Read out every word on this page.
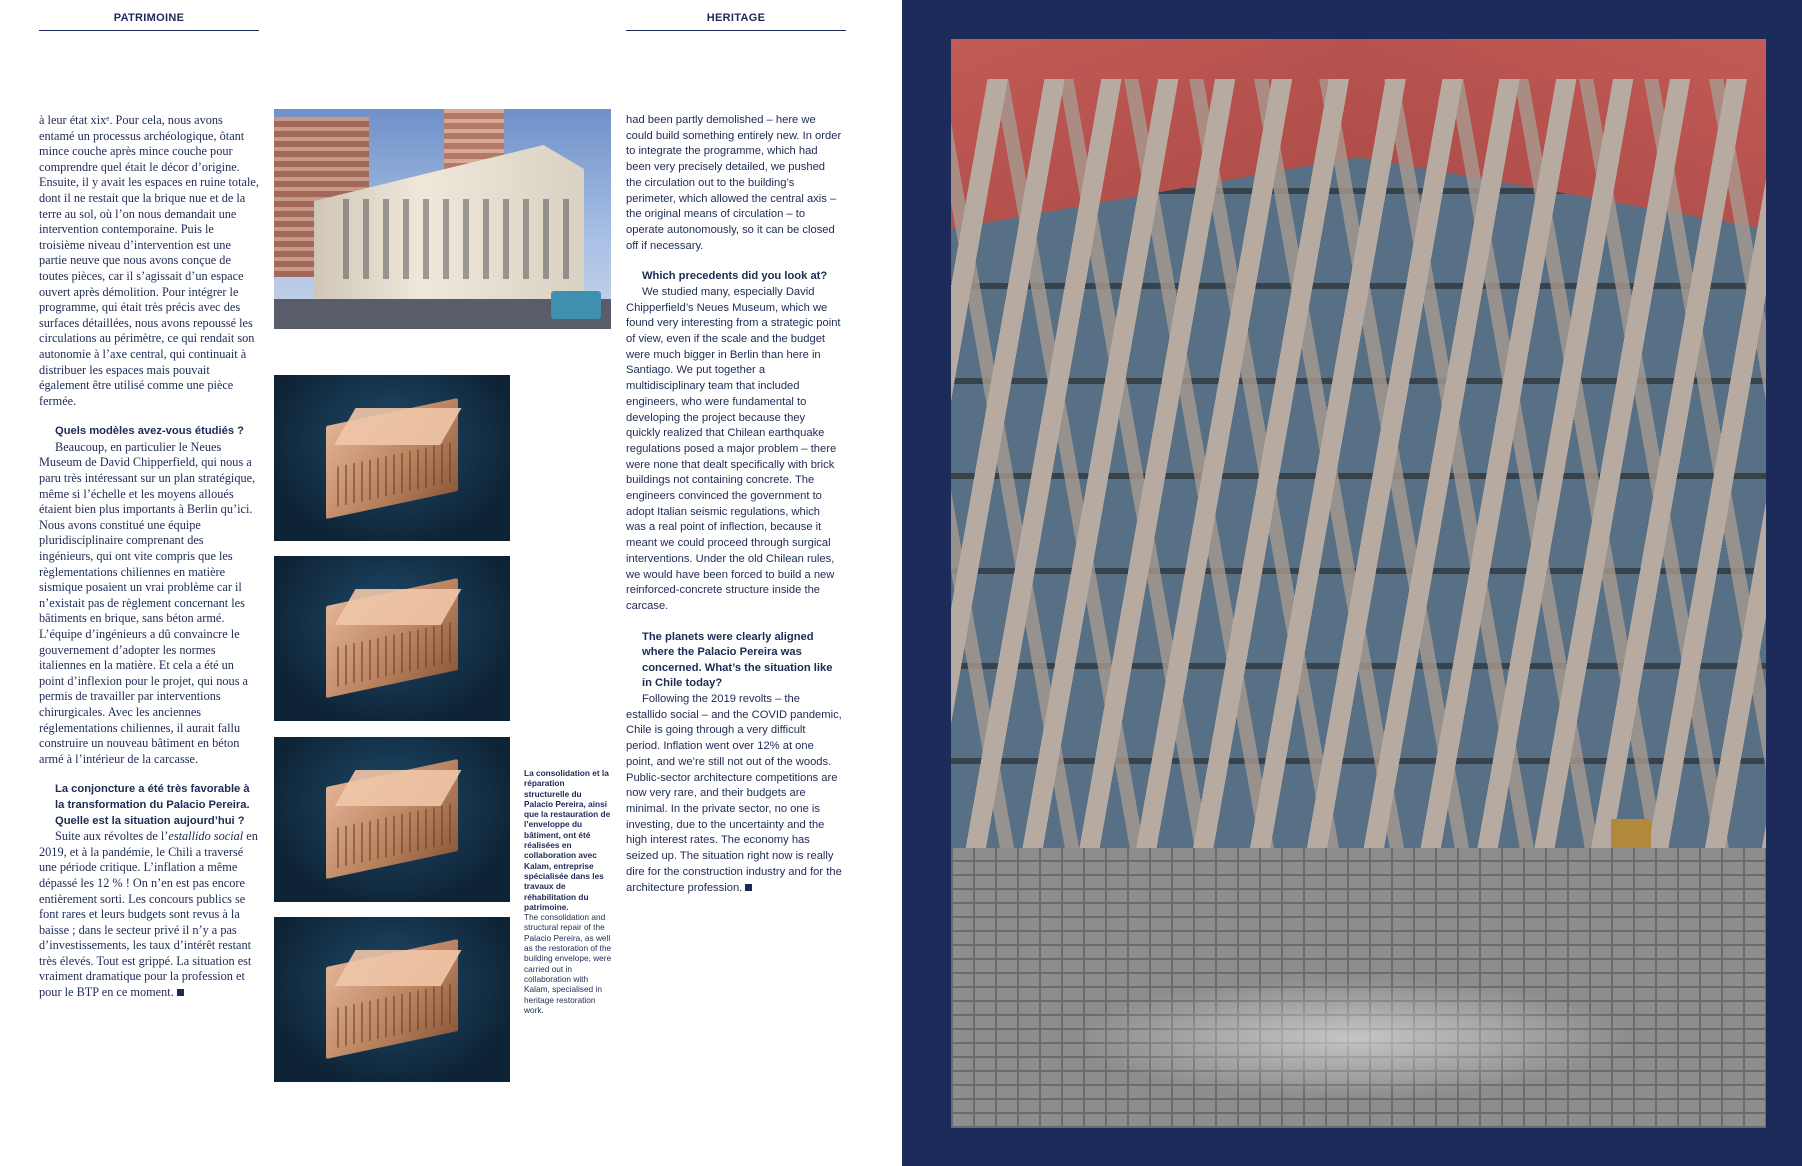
PATRIMOINE	HERITAGE

à leur état xixᵉ. Pour cela, nous avons entamé un processus archéologique, ôtant mince couche après mince couche pour comprendre quel était le décor d’origine. Ensuite, il y avait les espaces en ruine totale, dont il ne restait que la brique nue et de la terre au sol, où l’on nous demandait une intervention contemporaine. Puis le troisième niveau d’intervention est une partie neuve que nous avons conçue de toutes pièces, car il s’agissait d’un espace ouvert après démolition. Pour intégrer le programme, qui était très précis avec des surfaces détaillées, nous avons repoussé les circulations au périmètre, ce qui rendait son autonomie à l’axe central, qui continuait à distribuer les espaces mais pouvait également être utilisé comme une pièce fermée.

Quels modèles avez-vous étudiés ?

Beaucoup, en particulier le Neues Museum de David Chipperfield, qui nous a paru très intéressant sur un plan stratégique, même si l’échelle et les moyens alloués étaient bien plus importants à Berlin qu’ici. Nous avons constitué une équipe pluridisciplinaire comprenant des ingénieurs, qui ont vite compris que les règlementations chiliennes en matière sismique posaient un vrai problème car il n’existait pas de règlement concernant les bâtiments en brique, sans béton armé. L’équipe d’ingénieurs a dû convaincre le gouvernement d’adopter les normes italiennes en la matière. Et cela a été un point d’inflexion pour le projet, qui nous a permis de travailler par interventions chirurgicales. Avec les anciennes réglementations chiliennes, il aurait fallu construire un nouveau bâtiment en béton armé à l’intérieur de la carcasse.

La conjoncture a été très favorable à la transformation du Palacio Pereira. Quelle est la situation aujourd’hui ?

Suite aux révoltes de l’estallido social en 2019, et à la pandémie, le Chili a traversé une période critique. L’inflation a même dépassé les 12 % ! On n’en est pas encore entièrement sorti. Les concours publics se font rares et leurs budgets sont revus à la baisse ; dans le secteur privé il n’y a pas d’investissements, les taux d’intérêt restant très élevés. Tout est grippé. La situation est vraiment dramatique pour la profession et pour le BTP en ce moment.

La consolidation et la réparation structurelle du Palacio Pereira, ainsi que la restauration de l’enveloppe du bâtiment, ont été réalisées en collaboration avec Kalam, entreprise spécialisée dans les travaux de réhabilitation du patrimoine.

The consolidation and structural repair of the Palacio Pereira, as well as the restoration of the building envelope, were carried out in collaboration with Kalam, specialised in heritage restoration work.

had been partly demolished – here we could build something entirely new. In order to integrate the programme, which had been very precisely detailed, we pushed the circulation out to the building’s perimeter, which allowed the central axis – the original means of circulation – to operate autonomously, so it can be closed off if necessary.

Which precedents did you look at?

We studied many, especially David Chipperfield’s Neues Museum, which we found very interesting from a strategic point of view, even if the scale and the budget were much bigger in Berlin than here in Santiago. We put together a multidisciplinary team that included engineers, who were fundamental to developing the project because they quickly realized that Chilean earthquake regulations posed a major problem – there were none that dealt specifically with brick buildings not containing concrete. The engineers convinced the government to adopt Italian seismic regulations, which was a real point of inflection, because it meant we could proceed through surgical interventions. Under the old Chilean rules, we would have been forced to build a new reinforced-concrete structure inside the carcase.

The planets were clearly aligned where the Palacio Pereira was concerned. What’s the situation like in Chile today?

Following the 2019 revolts – the estallido social – and the COVID pandemic, Chile is going through a very difficult period. Inflation went over 12% at one point, and we’re still not out of the woods. Public-sector architecture competitions are now very rare, and their budgets are minimal. In the private sector, no one is investing, due to the uncertainty and the high interest rates. The economy has seized up. The situation right now is really dire for the construction industry and for the architecture profession.
